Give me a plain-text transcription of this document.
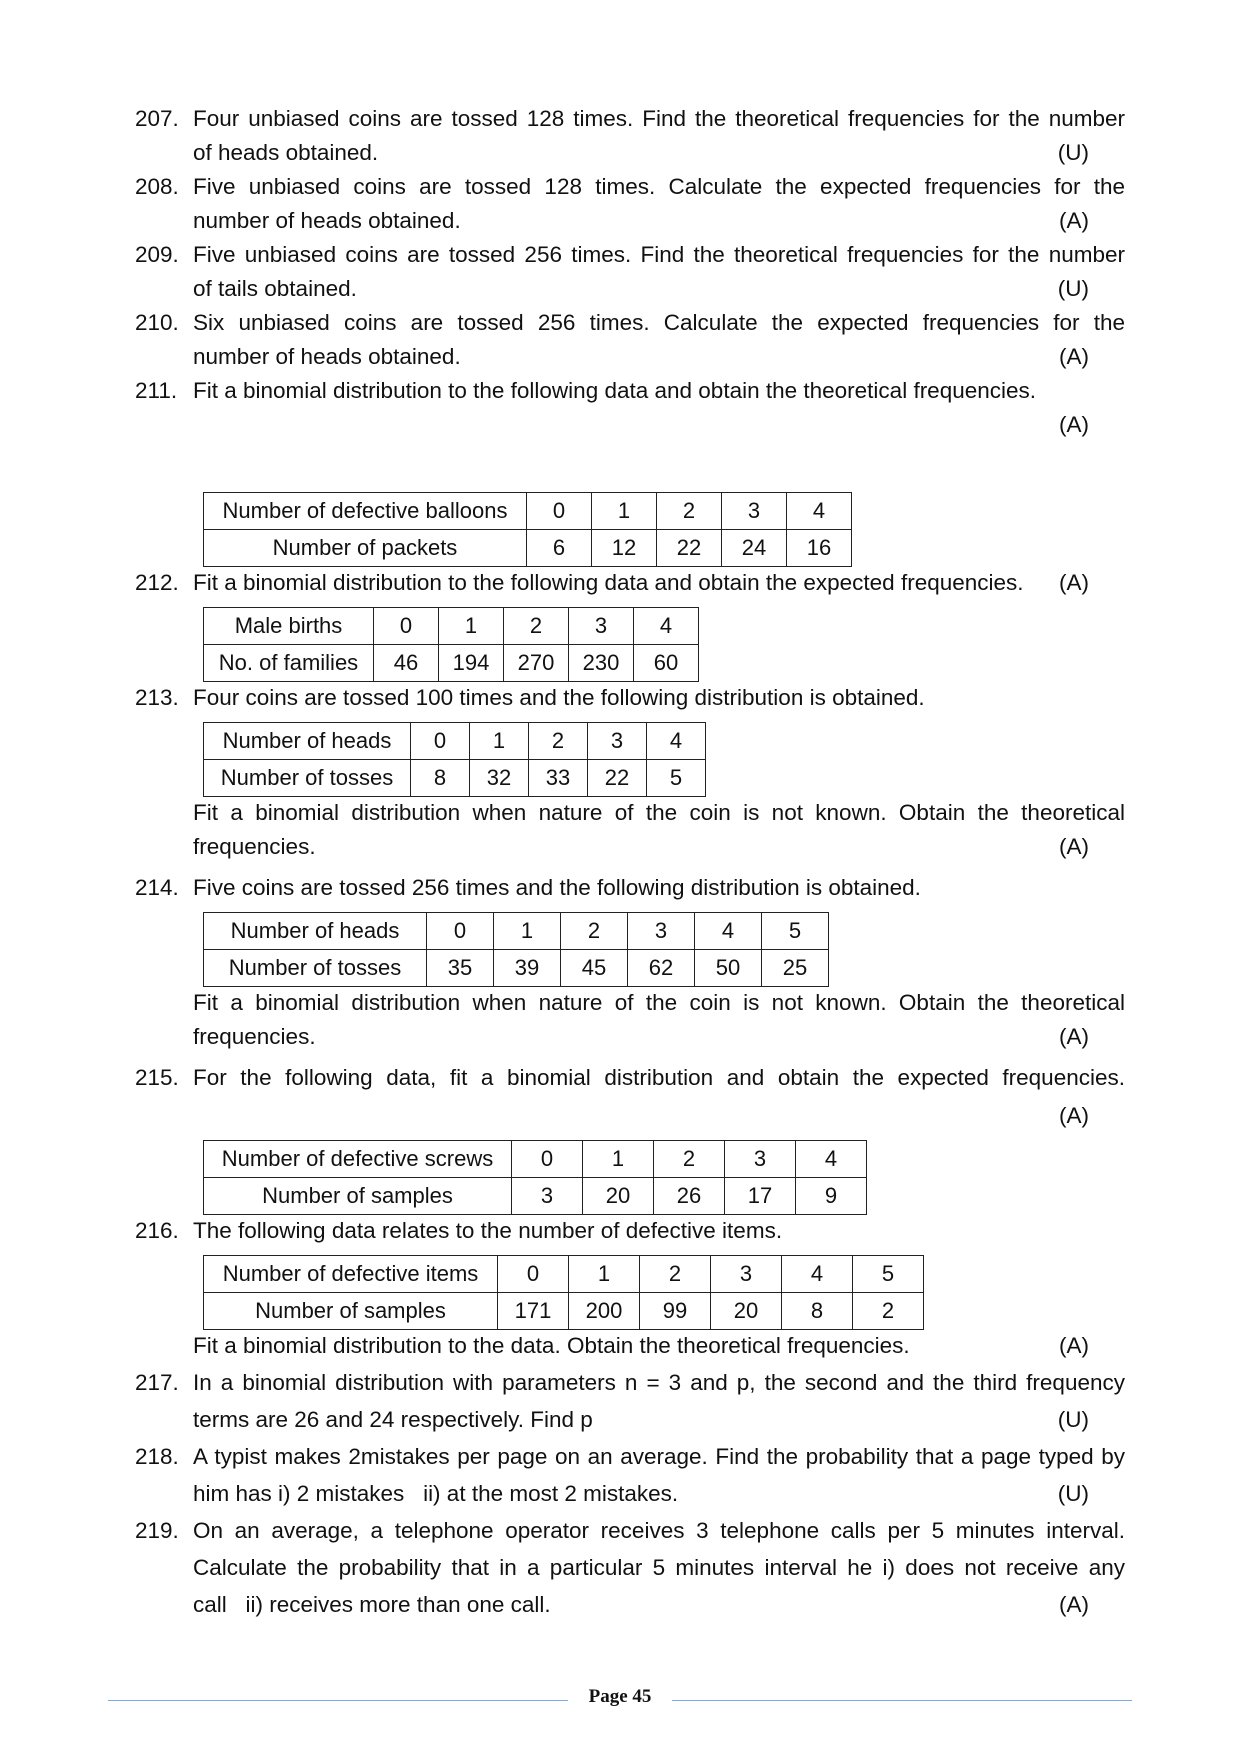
207. Four unbiased coins are tossed 128 times. Find the theoretical frequencies for the number
of heads obtained.	(U)
208. Five unbiased coins are tossed 128 times. Calculate the expected frequencies for the
number of heads obtained.	(A)
209. Five unbiased coins are tossed 256 times. Find the theoretical frequencies for the number
of tails obtained.	(U)
210. Six unbiased coins are tossed 256 times. Calculate the expected frequencies for the
number of heads obtained.	(A)
211. Fit a binomial distribution to the following data and obtain the theoretical frequencies.
(A)
Number of defective balloons	0	1	2	3	4
Number of packets	6	12	22	24	16
212. Fit a binomial distribution to the following data and obtain the expected frequencies. (A)
Male births	0	1	2	3	4
No. of families	46	194	270	230	60
213. Four coins are tossed 100 times and the following distribution is obtained.
Number of heads	0	1	2	3	4
Number of tosses	8	32	33	22	5
Fit a binomial distribution when nature of the coin is not known. Obtain the theoretical
frequencies.	(A)
214. Five coins are tossed 256 times and the following distribution is obtained.
Number of heads	0	1	2	3	4	5
Number of tosses	35	39	45	62	50	25
Fit a binomial distribution when nature of the coin is not known. Obtain the theoretical
frequencies.	(A)
215. For the following data, fit a binomial distribution and obtain the expected frequencies.
(A)
Number of defective screws	0	1	2	3	4
Number of samples	3	20	26	17	9
216. The following data relates to the number of defective items.
Number of defective items	0	1	2	3	4	5
Number of samples	171	200	99	20	8	2
Fit a binomial distribution to the data. Obtain the theoretical frequencies.	(A)
217. In a binomial distribution with parameters n = 3 and p, the second and the third frequency
terms are 26 and 24 respectively. Find p	(U)
218. A typist makes 2mistakes per page on an average. Find the probability that a page typed by
him has i) 2 mistakes   ii) at the most 2 mistakes.	(U)
219. On an average, a telephone operator receives 3 telephone calls per 5 minutes interval.
Calculate the probability that in a particular 5 minutes interval he i) does not receive any
call   ii) receives more than one call.	(A)
Page 45
